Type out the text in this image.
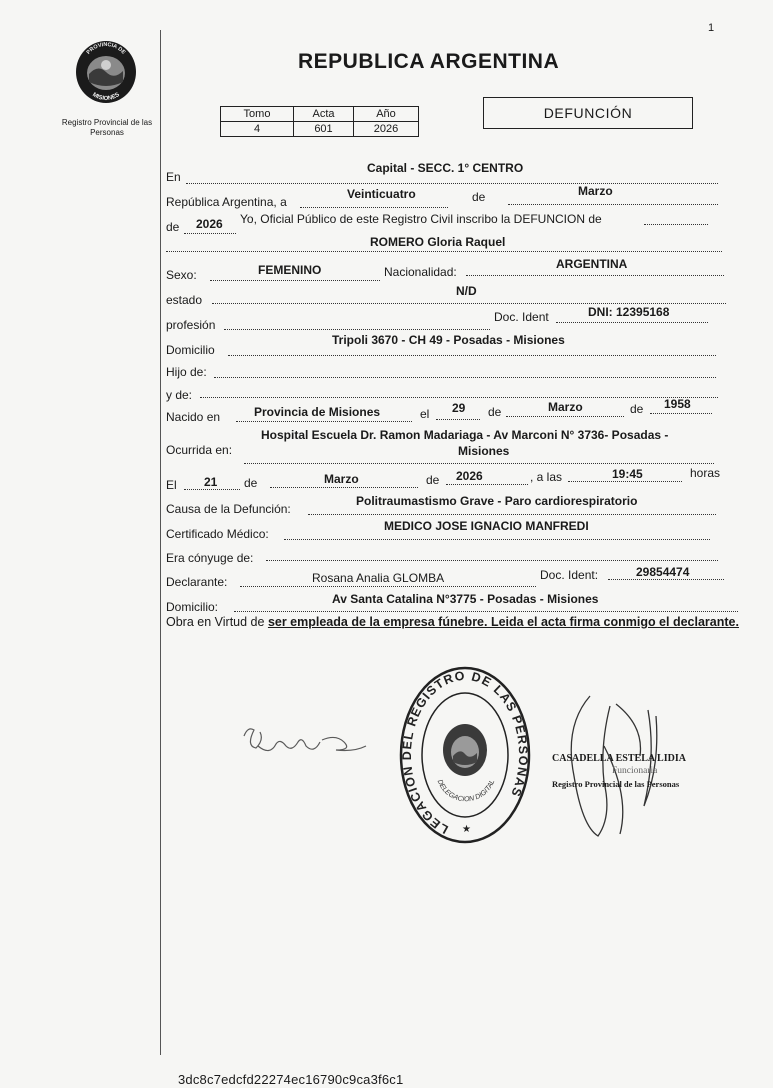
1
PROVINCIA DE
MISIONES
Registro Provincial de las Personas
REPUBLICA ARGENTINA
Tomo	Acta	Año
4	601	2026
DEFUNCIÓN
En
Capital - SECC. 1° CENTRO
República Argentina, a
Veinticuatro	de	Marzo
de 2026 Yo, Oficial Público de este Registro Civil inscribo la DEFUNCION de
ROMERO Gloria Raquel
Sexo:	FEMENINO	Nacionalidad:
ARGENTINA
estado
N/D
profesión
Doc. Ident	DNI: 12395168
Domicilio
Tripoli 3670 - CH 49 - Posadas - Misiones
Hijo de:
y de:
Nacido en	Provincia de Misiones	el 29 de	Marzo	de 1958
Hospital Escuela Dr. Ramon Madariaga - Av Marconi N° 3736- Posadas -
Ocurrida en:	Misiones
El 21 de	Marzo	de 2026	, a las	19:45	horas
Causa de la Defunción:
Politraumastismo Grave - Paro cardiorespiratorio
Certificado Médico:
MEDICO JOSE IGNACIO MANFREDI
Era cónyuge de:
Declarante:	Rosana Analia GLOMBA	Doc. Ident:	29854474
Domicilio:
Av Santa Catalina N°3775 - Posadas - Misiones
Obra en Virtud de ser empleada de la empresa fúnebre. Leida el acta firma conmigo el declarante.
LEGACIÓN DEL REGISTRO DE LAS PERSONAS
DELEGACION DIGITAL
★
CASADELLA ESTELA LIDIA
Funcionaria
Registro Provincial de las Personas
3dc8c7edcfd22274ec16790c9ca3f6c1
